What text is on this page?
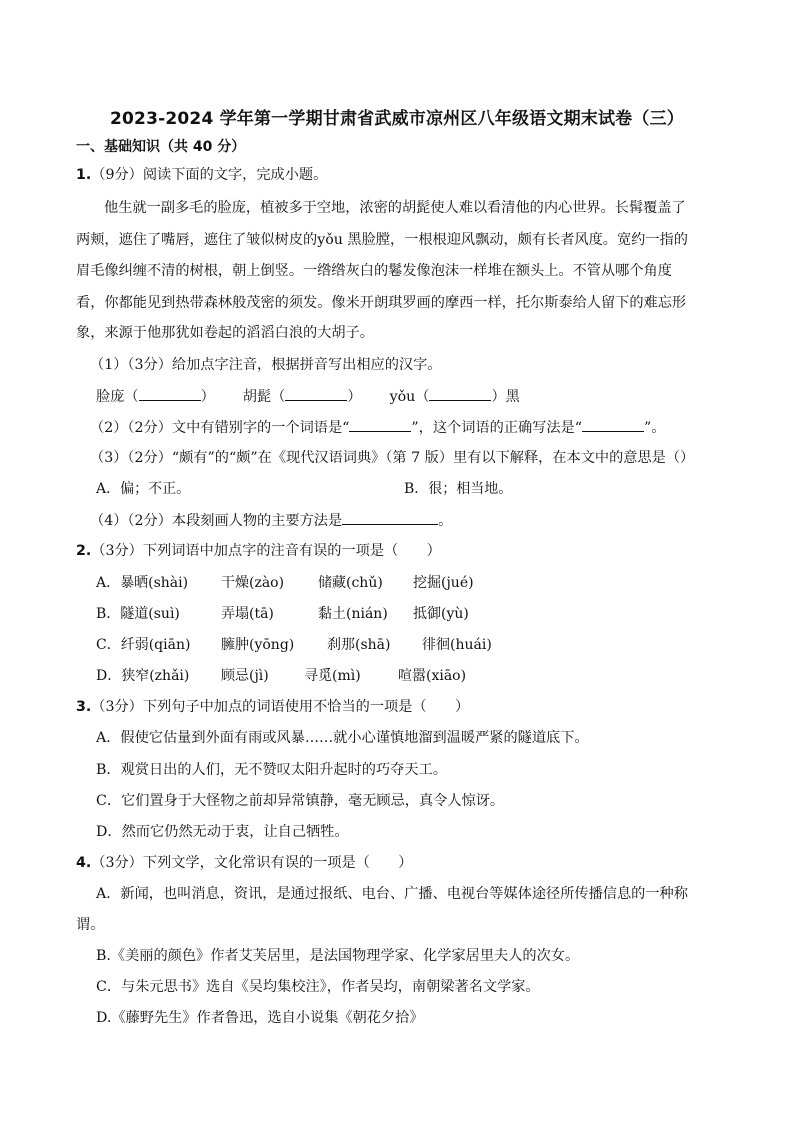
2023-2024 学年第一学期甘肃省武威市凉州区八年级语文期末试卷（三）
一、基础知识（共 40 分）
1.（9分）阅读下面的文字，完成小题。
他生就一副多毛的脸庞，植被多于空地，浓密的胡髭使人难以看清他的内心世界。长髯覆盖了
两颊，遮住了嘴唇，遮住了皱似树皮的yǒu 黑脸膛，一根根迎风飘动，颇有长者风度。宽约一指的
眉毛像纠缠不清的树根，朝上倒竖。一绺绺灰白的鬈发像泡沫一样堆在额头上。不管从哪个角度
看，你都能见到热带森林般茂密的须发。像米开朗琪罗画的摩西一样，托尔斯泰给人留下的难忘形
象，来源于他那犹如卷起的滔滔白浪的大胡子。
（1）（3分）给加点字注音，根据拼音写出相应的汉字。
脸庞（	） 胡髭（	） yǒu（	）黑
（2）（2分）文中有错别字的一个词语是“	”，这个词语的正确写法是“	”。
（3）（2分）“颇有”的“颇”在《现代汉语词典》（第 7 版）里有以下解释，在本文中的意思是（）
A．偏；不正。	B．很；相当地。
（4）（2分）本段刻画人物的主要方法是	。
2.（3分）下列词语中加点字的注音有误的一项是（　　）
A．暴晒(shài) 干燥(zào) 储藏(chǔ) 挖掘(jué)
B．隧道(suì)	弄塌(tā)	黏土(nián) 抵御(yù)
C．纤弱(qiān) 臃肿(yōng) 刹那(shā) 徘徊(huái)
D．狭窄(zhǎi) 顾忌(jì)	寻觅(mì)	喧嚣(xiāo)
3.（3分）下列句子中加点的词语使用不恰当的一项是（　　）
A．假使它估量到外面有雨或风暴……就小心谨慎地溜到温暖严紧的隧道底下。
B．观赏日出的人们，无不赞叹太阳升起时的巧夺天工。
C．它们置身于大怪物之前却异常镇静，毫无顾忌，真令人惊讶。
D．然而它仍然无动于衷，让自己牺牲。
4.（3分）下列文学，文化常识有误的一项是（　　）
A．新闻，也叫消息，资讯，是通过报纸、电台、广播、电视台等媒体途径所传播信息的一种称
谓。
B.《美丽的颜色》作者艾芙居里，是法国物理学家、化学家居里夫人的次女。
C．与朱元思书》选自《吴均集校注》，作者吴均，南朝梁著名文学家。
D.《藤野先生》作者鲁迅，选自小说集《朝花夕拾》
